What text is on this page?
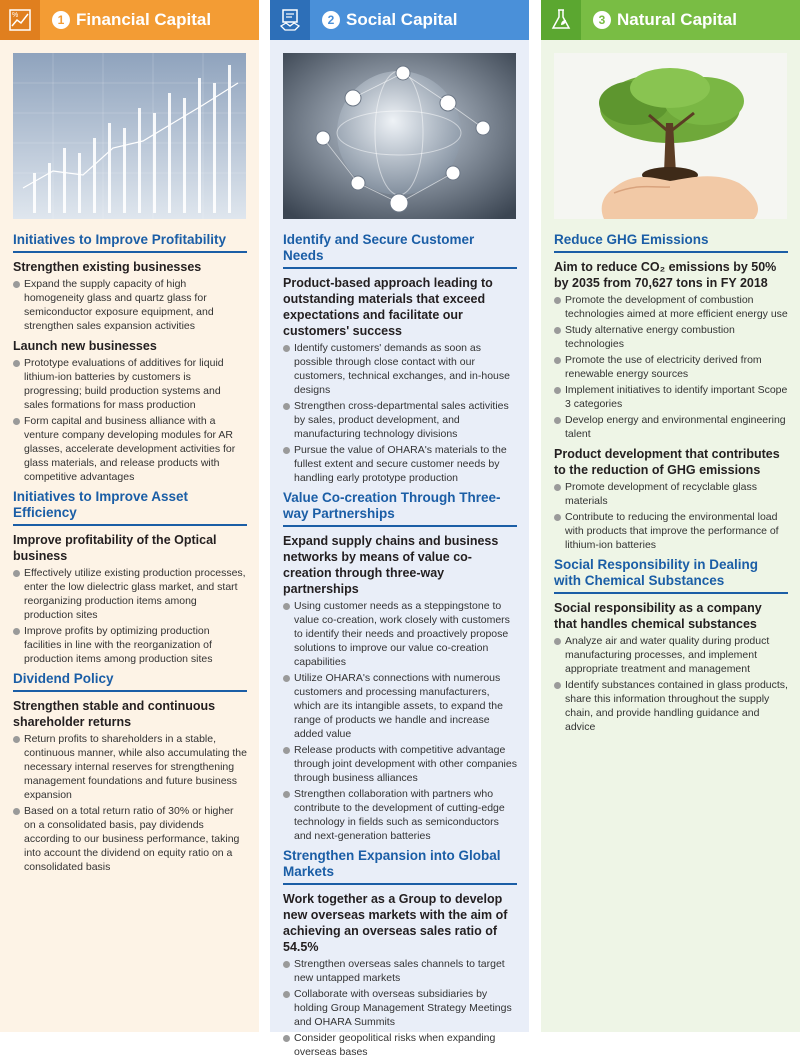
%	1 Financial Capital
Initiatives to Improve Profitability
Strengthen existing businesses
Expand the supply capacity of high homogeneity glass and quartz glass for semiconductor exposure equipment, and strengthen sales expansion activities
Launch new businesses
Prototype evaluations of additives for liquid lithium-ion batteries by customers is progressing; build production systems and sales formations for mass production
Form capital and business alliance with a venture company developing modules for AR glasses, accelerate development activities for glass materials, and release products with competitive advantages
Initiatives to Improve Asset Efficiency
Improve profitability of the Optical business
Effectively utilize existing production processes, enter the low dielectric glass market, and start reorganizing production items among production sites
Improve profits by optimizing production facilities in line with the reorganization of production items among production sites
Dividend Policy
Strengthen stable and continuous shareholder returns
Return profits to shareholders in a stable, continuous manner, while also accumulating the necessary internal reserves for strengthening management foundations and future business expansion
Based on a total return ratio of 30% or higher on a consolidated basis, pay dividends according to our business performance, taking into account the dividend on equity ratio on a consolidated basis
2 Social Capital
Identify and Secure Customer Needs
Product-based approach leading to outstanding materials that exceed expectations and facilitate our customers' success
Identify customers' demands as soon as possible through close contact with our customers, technical exchanges, and in-house designs
Strengthen cross-departmental sales activities by sales, product development, and manufacturing technology divisions
Pursue the value of OHARA's materials to the fullest extent and secure customer needs by handling early prototype production
Value Co-creation Through Three-way Partnerships
Expand supply chains and business networks by means of value co-creation through three-way partnerships
Using customer needs as a steppingstone to value co-creation, work closely with customers to identify their needs and proactively propose solutions to improve our value co-creation capabilities
Utilize OHARA's connections with numerous customers and processing manufacturers, which are its intangible assets, to expand the range of products we handle and increase added value
Release products with competitive advantage through joint development with other companies through business alliances
Strengthen collaboration with partners who contribute to the development of cutting-edge technology in fields such as semiconductors and next-generation batteries
Strengthen Expansion into Global Markets
Work together as a Group to develop new overseas markets with the aim of achieving an overseas sales ratio of 54.5%
Strengthen overseas sales channels to target new untapped markets
Collaborate with overseas subsidiaries by holding Group Management Strategy Meetings and OHARA Summits
Consider geopolitical risks when expanding overseas bases
3 Natural Capital
Reduce GHG Emissions
Aim to reduce CO₂ emissions by 50% by 2035 from 70,627 tons in FY 2018
Promote the development of combustion technologies aimed at more efficient energy use
Study alternative energy combustion technologies
Promote the use of electricity derived from renewable energy sources
Implement initiatives to identify important Scope 3 categories
Develop energy and environmental engineering talent
Product development that contributes to the reduction of GHG emissions
Promote development of recyclable glass materials
Contribute to reducing the environmental load with products that improve the performance of lithium-ion batteries
Social Responsibility in Dealing with Chemical Substances
Social responsibility as a company that handles chemical substances
Analyze air and water quality during product manufacturing processes, and implement appropriate treatment and management
Identify substances contained in glass products, share this information throughout the supply chain, and provide handling guidance and advice
